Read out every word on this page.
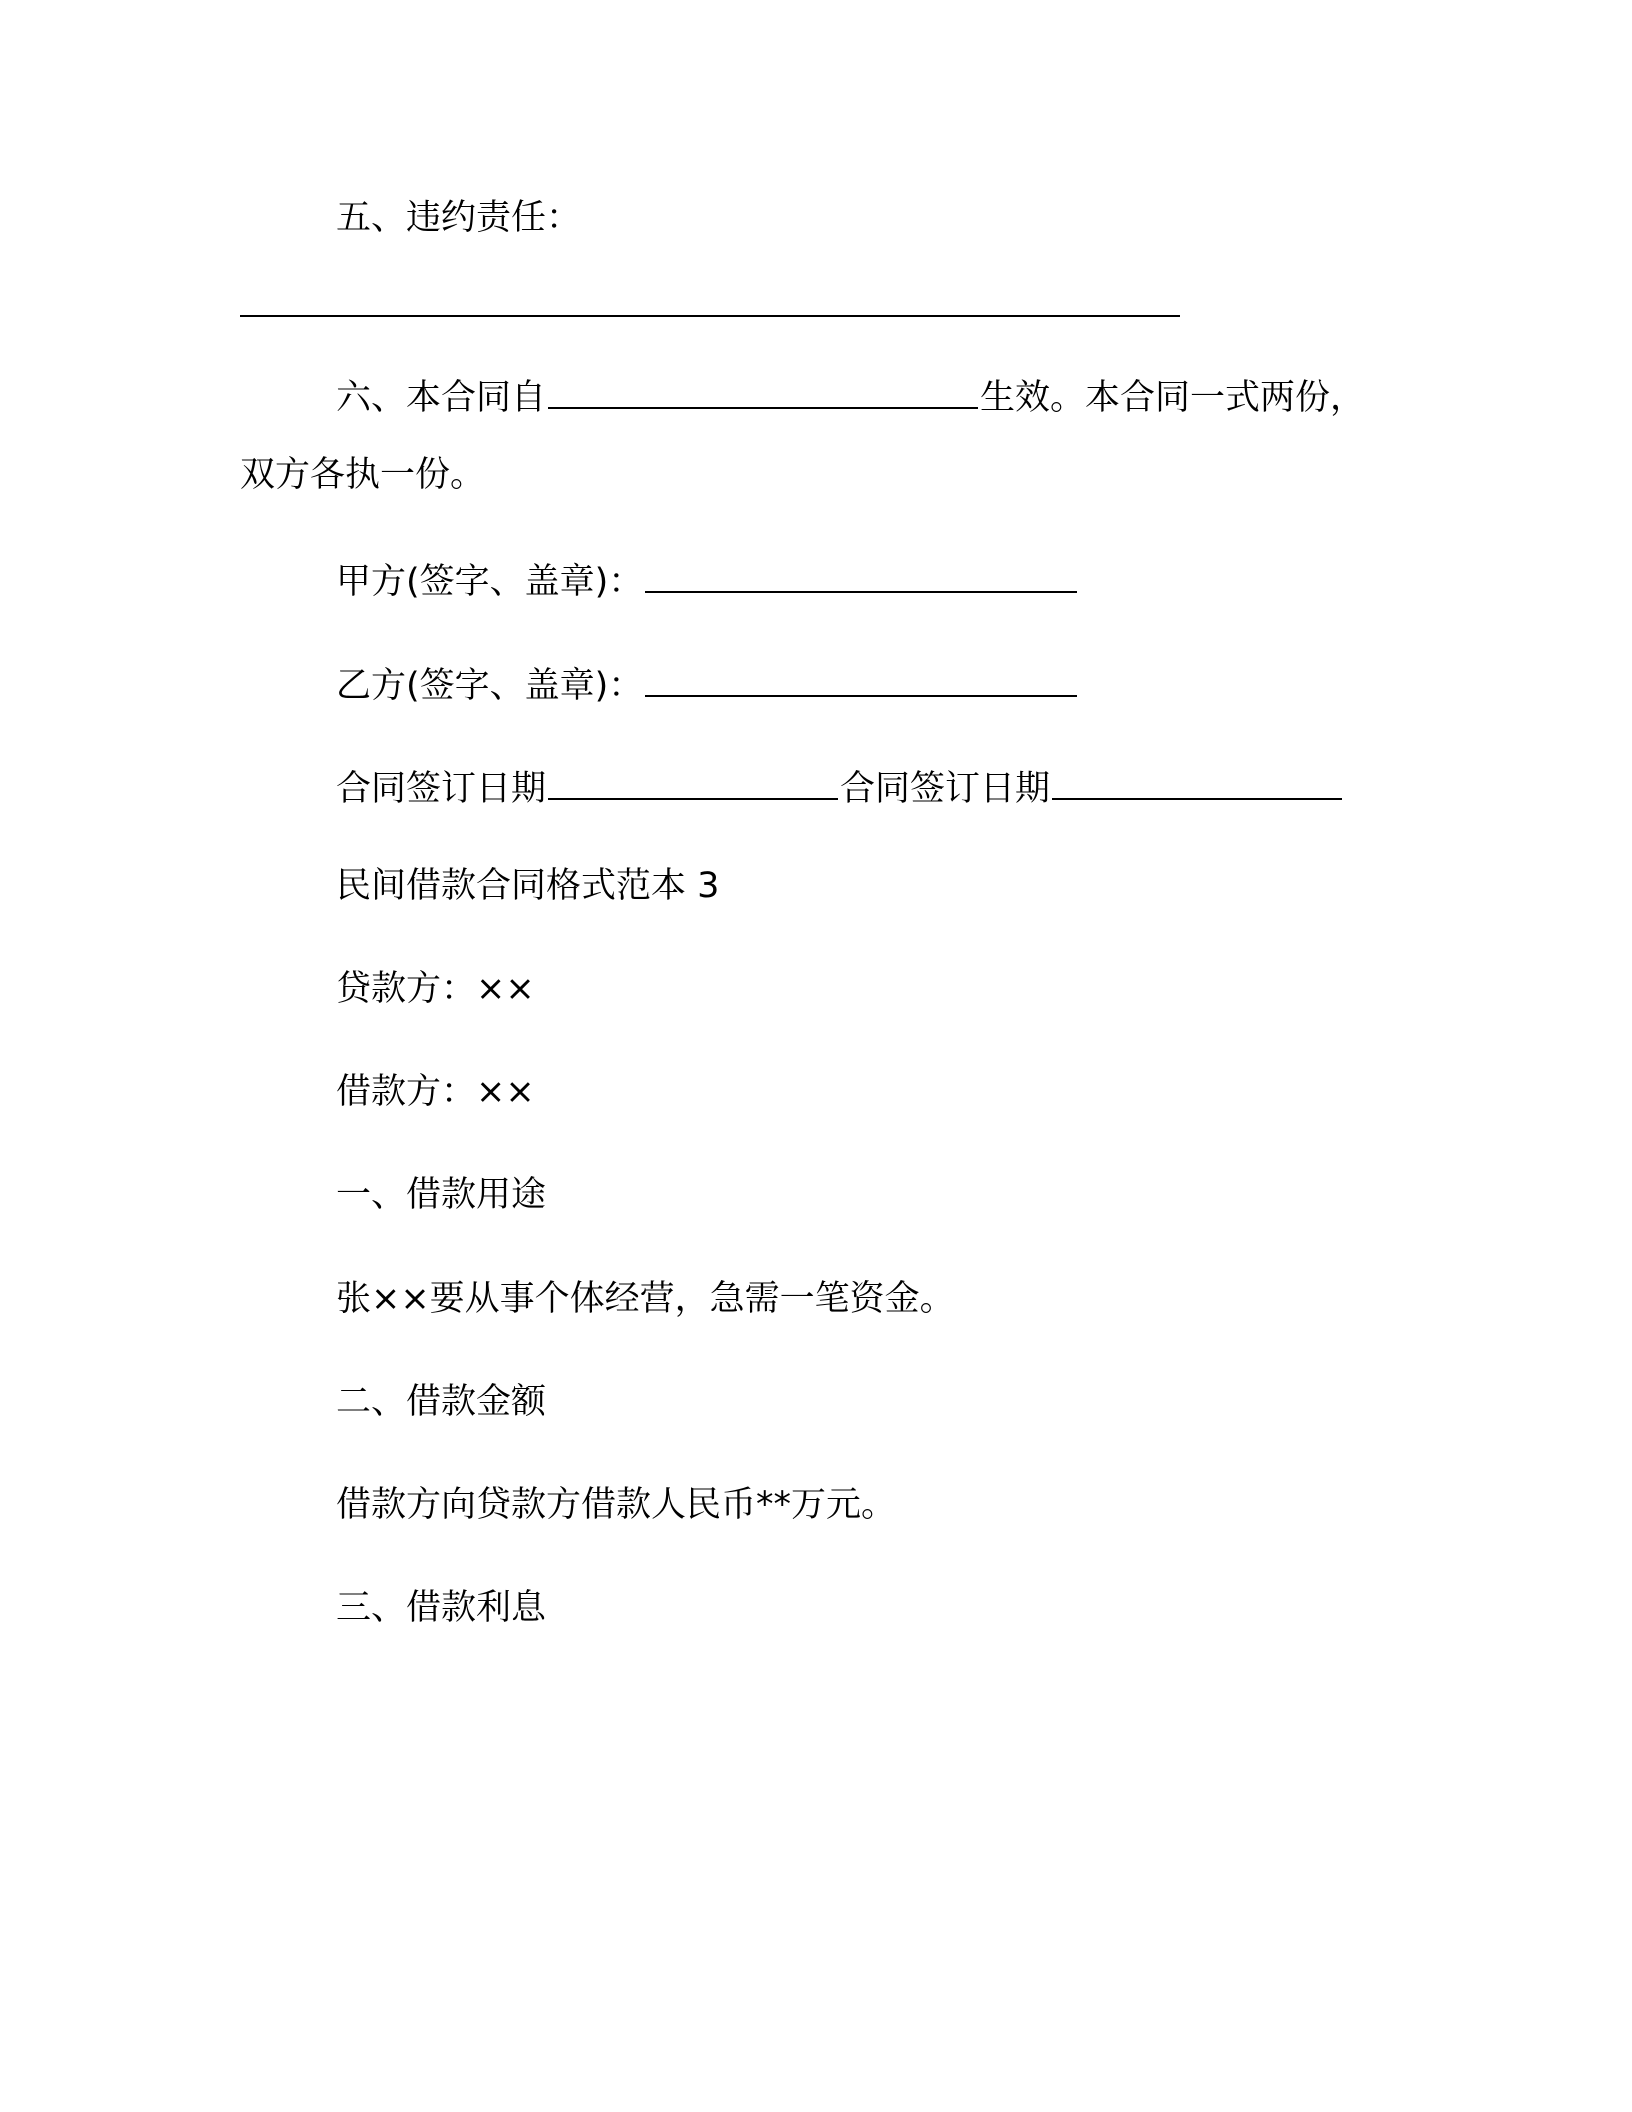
五、违约责任：
六、本合同自	生效。本合同一式两份，
双方各执一份。
甲方(签字、盖章)：
乙方(签字、盖章)：
合同签订日期	合同签订日期
民间借款合同格式范本 3
贷款方：××
借款方：××
一、借款用途
张××要从事个体经营，急需一笔资金。
二、借款金额
借款方向贷款方借款人民币**万元。
三、借款利息
